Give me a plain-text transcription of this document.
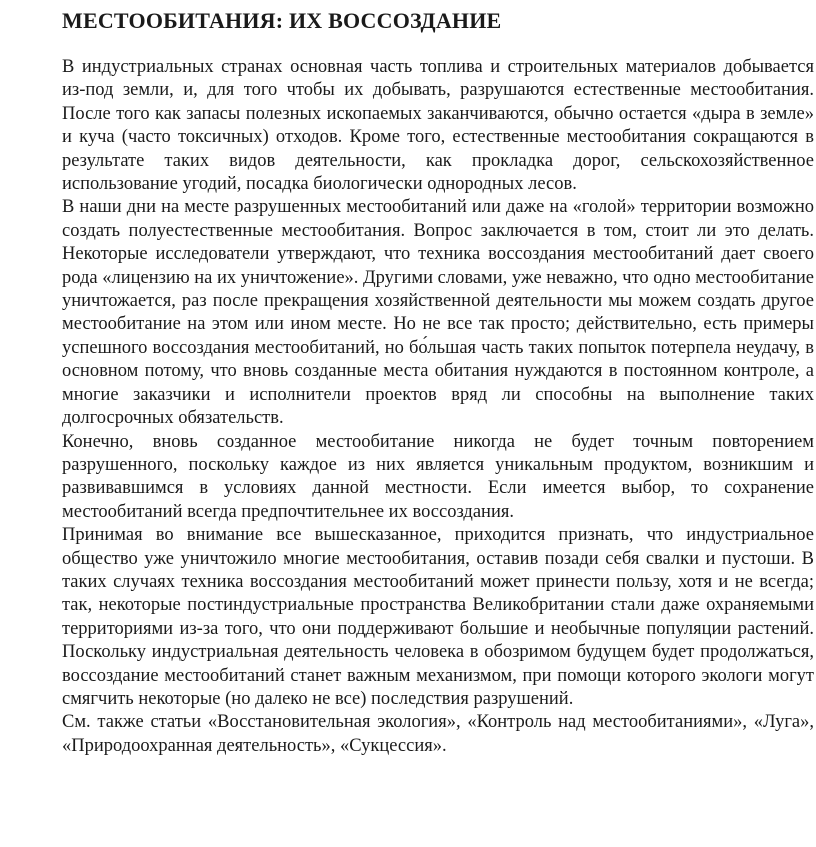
МЕСТООБИТАНИЯ: ИХ ВОССОЗДАНИЕ

В индустриальных странах основная часть топлива и строительных материалов добывается из-под земли, и, для того чтобы их добывать, разрушаются естественные местообитания. После того как запасы полезных ископаемых заканчиваются, обычно остается «дыра в земле» и куча (часто токсичных) отходов. Кроме того, естественные местообитания сокращаются в результате таких видов деятельности, как прокладка дорог, сельскохозяйственное использование угодий, посадка биологически однородных лесов.

В наши дни на месте разрушенных местообитаний или даже на «голой» территории возможно создать полуестественные местообитания. Вопрос заключается в том, стоит ли это делать. Некоторые исследователи утверждают, что техника воссоздания местообитаний дает своего рода «лицензию на их уничтожение». Другими словами, уже неважно, что одно местообитание уничтожается, раз после прекращения хозяйственной деятельности мы можем создать другое местообитание на этом или ином месте. Но не все так просто; действительно, есть примеры успешного воссоздания местообитаний, но бо́льшая часть таких попыток потерпела неудачу, в основном потому, что вновь созданные места обитания нуждаются в постоянном контроле, а многие заказчики и исполнители проектов вряд ли способны на выполнение таких долгосрочных обязательств.

Конечно, вновь созданное местообитание никогда не будет точным повторением разрушенного, поскольку каждое из них является уникальным продуктом, возникшим и развивавшимся в условиях данной местности. Если имеется выбор, то сохранение местообитаний всегда предпочтительнее их воссоздания.

Принимая во внимание все вышесказанное, приходится признать, что индустриальное общество уже уничтожило многие местообитания, оставив позади себя свалки и пустоши. В таких случаях техника воссоздания местообитаний может принести пользу, хотя и не всегда; так, некоторые постиндустриальные пространства Великобритании стали даже охраняемыми территориями из-за того, что они поддерживают большие и необычные популяции растений. Поскольку индустриальная деятельность человека в обозримом будущем будет продолжаться, воссоздание местообитаний станет важным механизмом, при помощи которого экологи могут смягчить некоторые (но далеко не все) последствия разрушений.

См. также статьи «Восстановительная экология», «Контроль над местообитаниями», «Луга», «Природоохранная деятельность», «Сукцессия».
